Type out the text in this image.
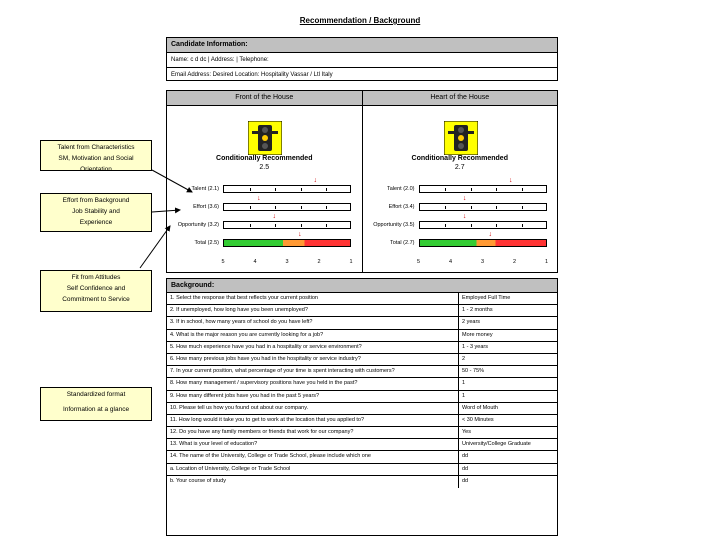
Recommendation / Background
Candidate Information:
Name: c d dc | Address: | Telephone:
Email Address: Desired Location: Hospitality Vassar / Ltl Italy
Talent from Characteristics
SM, Motivation and Social
Orientation
Effort from Background
Job Stability and
Experience
Fit from Attitudes
Self Confidence and
Commitment to Service
Standardized format
Information at a glance
Front of the House
Conditionally Recommended
2.5
Talent (2.1)
↓
Effort (3.6)
↓
Opportunity (3.2)
↓
Total (2.5)
↓
5	4	3	2	1
Heart of the House
Conditionally Recommended
2.7
Talent (2.0)
↓
Effort (3.4)
↓
Opportunity (3.5)
↓
Total (2.7)
↓
5	4	3	2	1
Background:
1. Select the response that best reflects your current position	Employed Full Time
2. If unemployed, how long have you been unemployed?	1 - 2 months
3. If in school, how many years of school do you have left?	2 years
4. What is the major reason you are currently looking for a job?	More money
5. How much experience have you had in a hospitality or service environment?	1 - 3 years
6. How many previous jobs have you had in the hospitality or service industry?	2
7. In your current position, what percentage of your time is spent interacting with customers?	50 - 75%
8. How many management / supervisory positions have you held in the past?	1
9. How many different jobs have you had in the past 5 years?	1
10. Please tell us how you found out about our company.	Word of Mouth
11. How long would it take you to get to work at the location that you applied to?	< 30 Minutes
12. Do you have any family members or friends that work for our company?	Yes
13. What is your level of education?	University/College Graduate
14. The name of the University, College or Trade School, please include which one	dd
a. Location of University, College or Trade School	dd
b. Your course of study	dd
